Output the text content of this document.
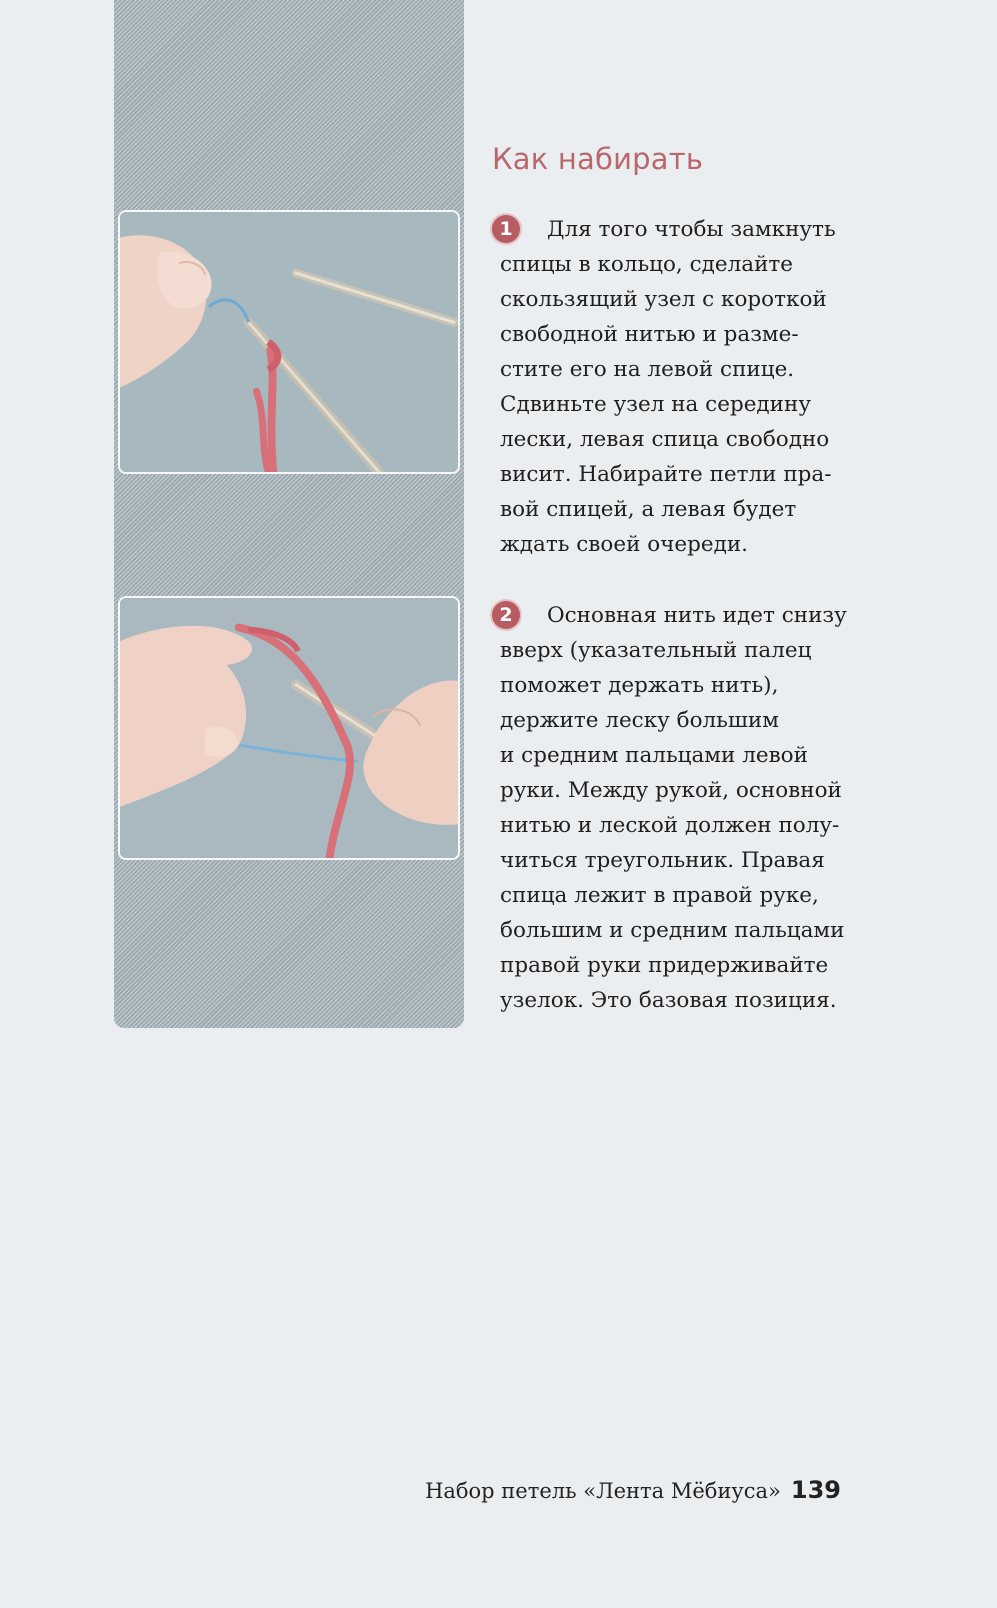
Как набирать
1	Для того чтобы замкнуть
спицы в кольцо, сделайте
скользящий узел с короткой
свободной нитью и разме-
стите его на левой спице.
Сдвиньте узел на середину
лески, левая спица свободно
висит. Набирайте петли пра-
вой спицей, а левая будет
ждать своей очереди.
2	Основная нить идет снизу
вверх (указательный палец
поможет держать нить),
держите леску большим
и средним пальцами левой
руки. Между рукой, основной
нитью и леской должен полу-
читься треугольник. Правая
спица лежит в правой руке,
большим и средним пальцами
правой руки придерживайте
узелок. Это базовая позиция.
Набор петель «Лента Мёбиуса» 139
